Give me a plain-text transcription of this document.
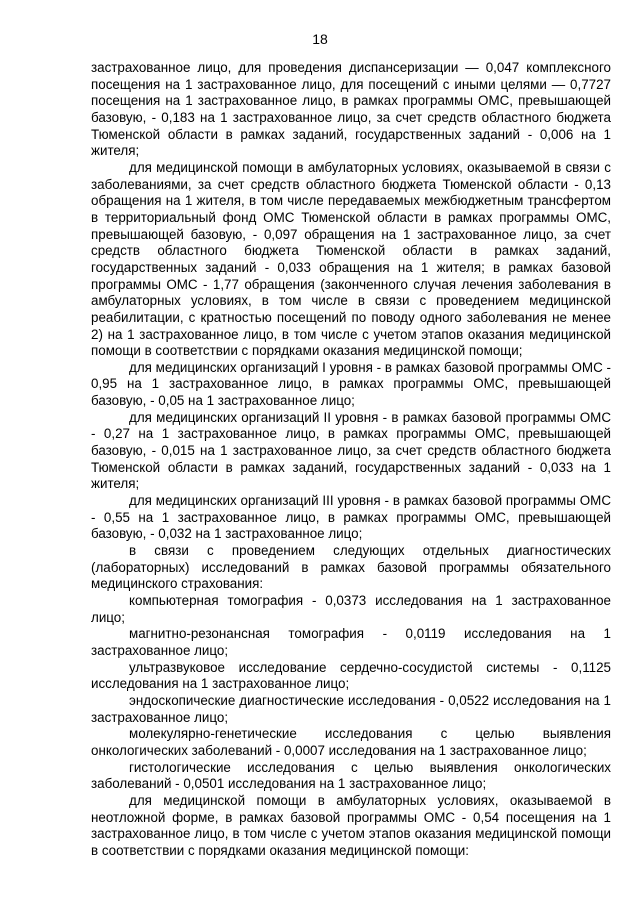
18

застрахованное лицо, для проведения диспансеризации — 0,047 комплексного посещения на 1 застрахованное лицо, для посещений с иными целями — 0,7727 посещения на 1 застрахованное лицо, в рамках программы ОМС, превышающей базовую, - 0,183 на 1 застрахованное лицо, за счет средств областного бюджета Тюменской области в рамках заданий, государственных заданий - 0,006 на 1 жителя;

для медицинской помощи в амбулаторных условиях, оказываемой в связи с заболеваниями, за счет средств областного бюджета Тюменской области - 0,13 обращения на 1 жителя, в том числе передаваемых межбюджетным трансфертом в территориальный фонд ОМС Тюменской области в рамках программы ОМС, превышающей базовую, - 0,097 обращения на 1 застрахованное лицо, за счет средств областного бюджета Тюменской области в рамках заданий, государственных заданий - 0,033 обращения на 1 жителя; в рамках базовой программы ОМС - 1,77 обращения (законченного случая лечения заболевания в амбулаторных условиях, в том числе в связи с проведением медицинской реабилитации, с кратностью посещений по поводу одного заболевания не менее 2) на 1 застрахованное лицо, в том числе с учетом этапов оказания медицинской помощи в соответствии с порядками оказания медицинской помощи;

для медицинских организаций I уровня - в рамках базовой программы ОМС - 0,95 на 1 застрахованное лицо, в рамках программы ОМС, превышающей базовую, - 0,05 на 1 застрахованное лицо;

для медицинских организаций II уровня - в рамках базовой программы ОМС - 0,27 на 1 застрахованное лицо, в рамках программы ОМС, превышающей базовую, - 0,015 на 1 застрахованное лицо, за счет средств областного бюджета Тюменской области в рамках заданий, государственных заданий - 0,033 на 1 жителя;

для медицинских организаций III уровня - в рамках базовой программы ОМС - 0,55 на 1 застрахованное лицо, в рамках программы ОМС, превышающей базовую, - 0,032 на 1 застрахованное лицо;

в связи с проведением следующих отдельных диагностических (лабораторных) исследований в рамках базовой программы обязательного медицинского страхования:

компьютерная томография - 0,0373 исследования на 1 застрахованное лицо;

магнитно-резонансная томография - 0,0119 исследования на 1 застрахованное лицо;

ультразвуковое исследование сердечно-сосудистой системы - 0,1125 исследования на 1 застрахованное лицо;

эндоскопические диагностические исследования - 0,0522 исследования на 1 застрахованное лицо;

молекулярно-генетические исследования с целью выявления онкологических заболеваний - 0,0007 исследования на 1 застрахованное лицо;

гистологические исследования с целью выявления онкологических заболеваний - 0,0501 исследования на 1 застрахованное лицо;

для медицинской помощи в амбулаторных условиях, оказываемой в неотложной форме, в рамках базовой программы ОМС - 0,54 посещения на 1 застрахованное лицо, в том числе с учетом этапов оказания медицинской помощи в соответствии с порядками оказания медицинской помощи:
